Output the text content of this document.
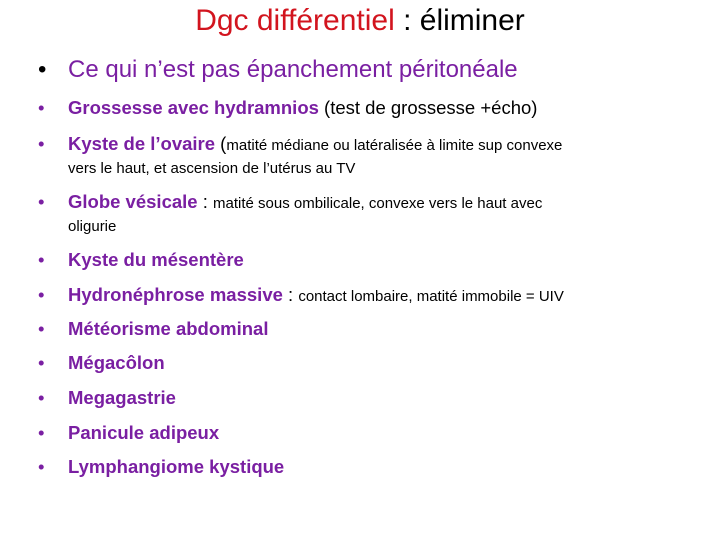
Dgc différentiel : éliminer
• Ce qui n’est pas épanchement péritonéale
• Grossesse avec hydramnios (test de grossesse +écho)
• Kyste de l’ovaire (matité médiane ou latéralisée à limite sup convexe
vers le haut, et ascension de l’utérus au TV
• Globe vésicale : matité sous ombilicale, convexe vers le haut avec
oligurie
• Kyste du mésentère
• Hydronéphrose massive : contact lombaire, matité immobile = UIV
• Météorisme abdominal
• Mégacôlon
• Megagastrie
• Panicule adipeux
• Lymphangiome kystique
